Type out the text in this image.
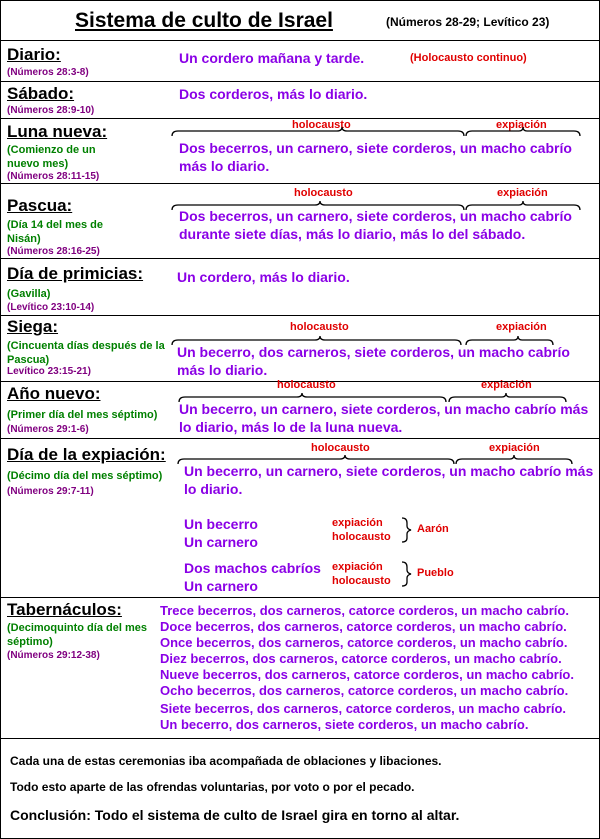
Sistema de culto de Israel	(Números 28-29; Levítico 23)
Diario:
(Números 28:3-8)
Un cordero mañana y tarde.	(Holocausto continuo)
Sábado:
(Números 28:9-10)
Dos corderos, más lo diario.
Luna nueva:
(Comienzo de un nuevo mes)
(Números 28:11-15)
holocausto	expiación
Dos becerros, un carnero, siete corderos, un macho cabrío más lo diario.
Pascua:
(Día 14 del mes de Nisán)
(Números 28:16-25)
holocausto	expiación
Dos becerros, un carnero, siete corderos, un macho cabrío durante siete días, más lo diario, más lo del sábado.
Día de primicias:
(Gavilla)
(Levítico 23:10-14)
Un cordero, más lo diario.
Siega:
(Cincuenta días después de la Pascua)
Levítico 23:15-21)
holocausto	expiación
Un becerro, dos carneros, siete corderos, un macho cabrío más lo diario.
Año nuevo:
(Primer día del mes séptimo)
(Números 29:1-6)
holocausto	expiación
Un becerro, un carnero, siete corderos, un macho cabrío más lo diario, más lo de la luna nueva.
Día de la expiación:
(Décimo día del mes séptimo)
(Números 29:7-11)
holocausto	expiación
Un becerro, un carnero, siete corderos, un macho cabrío más lo diario.
Un becerro
Un carnero
expiación
holocausto
Aarón
Dos machos cabríos
Un carnero
expiación
holocausto
Pueblo
Tabernáculos:
(Decimoquinto día del mes séptimo)
(Números 29:12-38)
Trece becerros, dos carneros, catorce corderos, un macho cabrío.
Doce becerros, dos carneros, catorce corderos, un macho cabrío.
Once becerros, dos carneros, catorce corderos, un macho cabrío.
Diez becerros, dos carneros, catorce corderos, un macho cabrío.
Nueve becerros, dos carneros, catorce corderos, un macho cabrío.
Ocho becerros, dos carneros, catorce corderos, un macho cabrío.
Siete becerros, dos carneros, catorce corderos, un macho cabrío.
Un becerro, dos carneros, siete corderos, un macho cabrío.
Cada una de estas ceremonias iba acompañada de oblaciones y libaciones.
Todo esto aparte de las ofrendas voluntarias, por voto o por el pecado.
Conclusión: Todo el sistema de culto de Israel gira en torno al altar.
